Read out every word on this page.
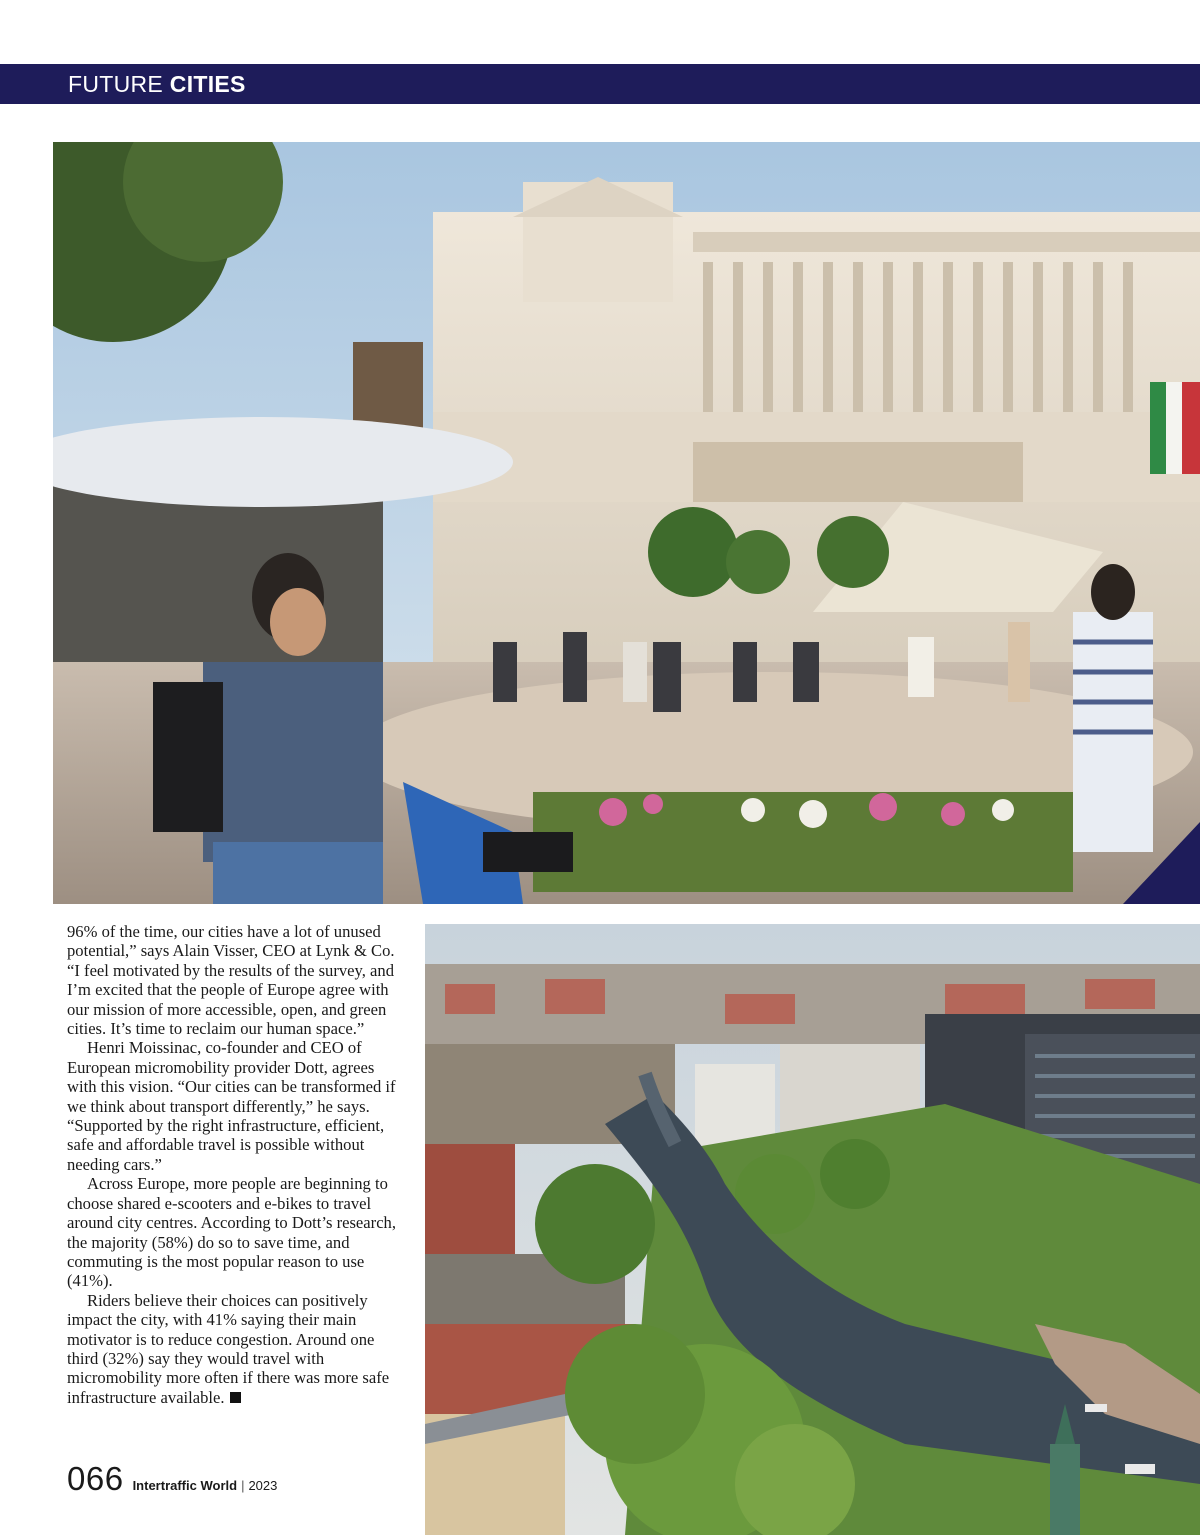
FUTURE CITIES

96% of the time, our cities have a lot of unused potential,” says Alain Visser, CEO at Lynk & Co. “I feel motivated by the results of the survey, and I’m excited that the people of Europe agree with our mission of more accessible, open, and green cities. It’s time to reclaim our human space.”

Henri Moissinac, co-founder and CEO of European micromobility provider Dott, agrees with this vision. “Our cities can be transformed if we think about transport differently,” he says. “Supported by the right infrastructure, efficient, safe and affordable travel is possible without needing cars.”

Across Europe, more people are beginning to choose shared e-scooters and e-bikes to travel around city centres. According to Dott’s research, the majority (58%) do so to save time, and commuting is the most popular reason to use (41%).

Riders believe their choices can positively impact the city, with 41% saying their main motivator is to reduce congestion. Around one third (32%) say they would travel with micromobility more often if there was more safe infrastructure available.

066 Intertraffic World | 2023
